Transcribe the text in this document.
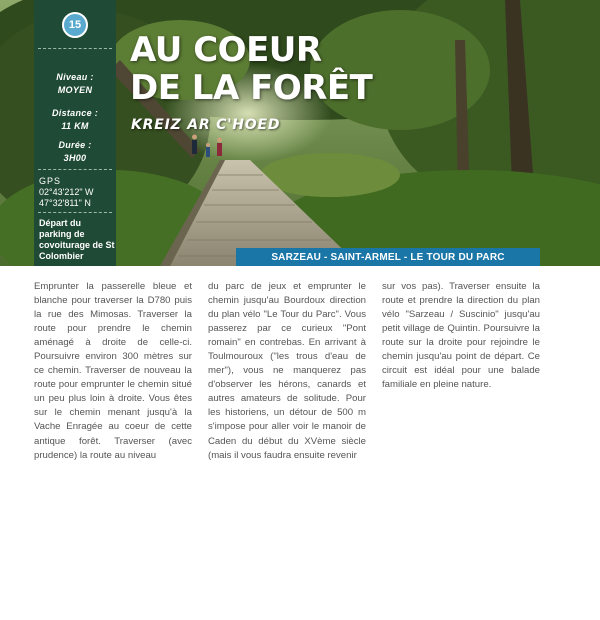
15
Niveau :
MOYEN
Distance :
11 KM
Durée :
3H00
GPS
02°43'212" W
47°32'811" N
Départ du parking de covoiturage de St Colombier
AU COEUR
DE LA FORÊT
KREIZ AR C'HOED
SARZEAU - SAINT-ARMEL - LE TOUR DU PARC
Emprunter la passerelle bleue et blanche pour traverser la D780 puis la rue des Mimosas. Traverser la route pour prendre le chemin aménagé à droite de celle-ci. Poursuivre environ 300 mètres sur ce chemin. Traverser de nouveau la route pour emprunter le chemin situé un peu plus loin à droite. Vous êtes sur le chemin menant jusqu'à la Vache Enragée au coeur de cette antique forêt. Traverser (avec prudence) la route au niveau
du parc de jeux et emprunter le chemin jusqu'au Bourdoux direction du plan vélo "Le Tour du Parc". Vous passerez par ce curieux "Pont romain" en contrebas. En arrivant à Toulmouroux ("les trous d'eau de mer"), vous ne manquerez pas d'observer les hérons, canards et autres amateurs de solitude. Pour les historiens, un détour de 500 m s'impose pour aller voir le manoir de Caden du début du XVème siècle (mais il vous faudra ensuite revenir
sur vos pas). Traverser ensuite la route et prendre la direction du plan vélo "Sarzeau / Suscinio" jusqu'au petit village de Quintin. Poursuivre la route sur la droite pour rejoindre le chemin jusqu'au point de départ. Ce circuit est idéal pour une balade familiale en pleine nature.
